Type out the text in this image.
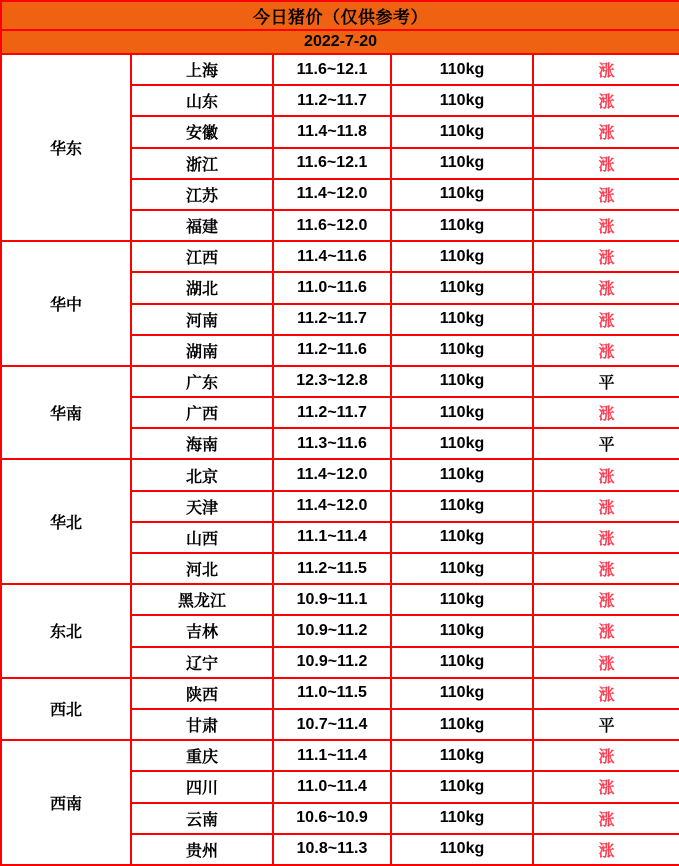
今日猪价（仅供参考）				
2022-7-20				
华东	上海	11.6~12.1	110kg	涨
	山东	11.2~11.7	110kg	涨
	安徽	11.4~11.8	110kg	涨
	浙江	11.6~12.1	110kg	涨
	江苏	11.4~12.0	110kg	涨
	福建	11.6~12.0	110kg	涨
华中	江西	11.4~11.6	110kg	涨
	湖北	11.0~11.6	110kg	涨
	河南	11.2~11.7	110kg	涨
	湖南	11.2~11.6	110kg	涨
华南	广东	12.3~12.8	110kg	平
	广西	11.2~11.7	110kg	涨
	海南	11.3~11.6	110kg	平
华北	北京	11.4~12.0	110kg	涨
	天津	11.4~12.0	110kg	涨
	山西	11.1~11.4	110kg	涨
	河北	11.2~11.5	110kg	涨
东北	黑龙江	10.9~11.1	110kg	涨
	吉林	10.9~11.2	110kg	涨
	辽宁	10.9~11.2	110kg	涨
西北	陕西	11.0~11.5	110kg	涨
	甘肃	10.7~11.4	110kg	平
西南	重庆	11.1~11.4	110kg	涨
	四川	11.0~11.4	110kg	涨
	云南	10.6~10.9	110kg	涨
	贵州	10.8~11.3	110kg	涨
